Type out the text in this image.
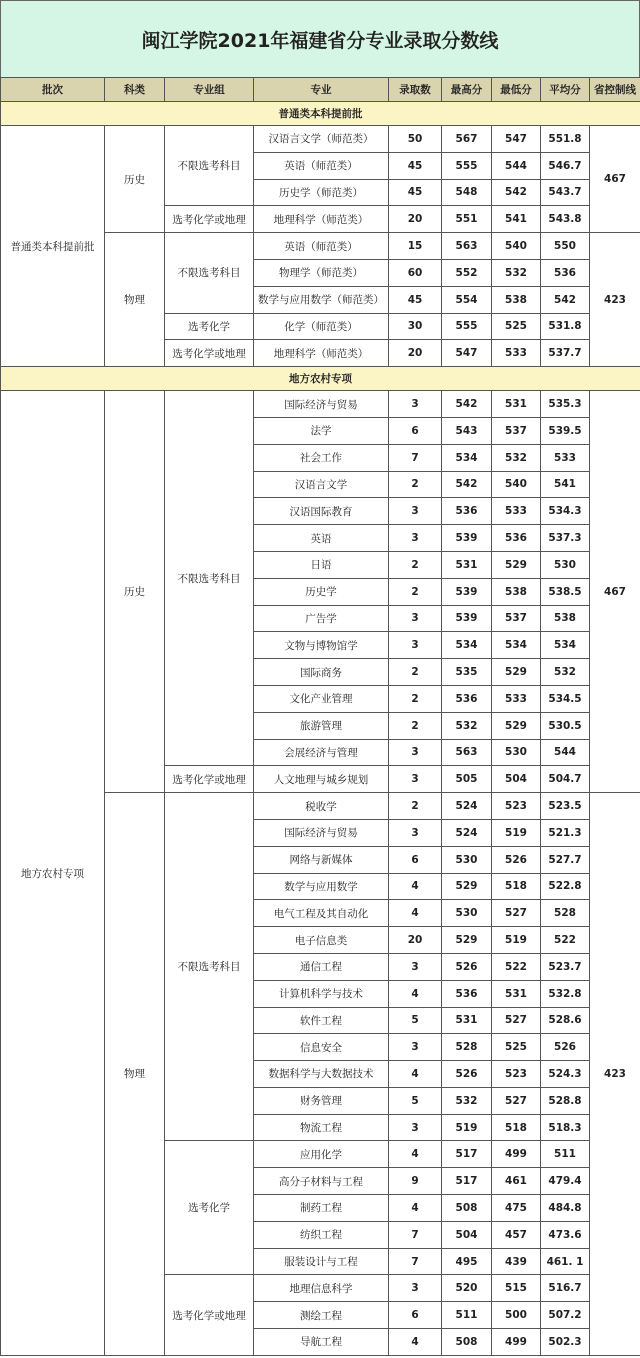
闽江学院2021年福建省分专业录取分数线
批次	科类	专业组	专业	录取数	最高分	最低分	平均分	省控制线
普通类本科提前批								
普通类本科提前批	历史	不限选考科目	汉语言文学（师范类）	50	567	547	551.8	467
			英语（师范类）	45	555	544	546.7	
			历史学（师范类）	45	548	542	543.7	
		选考化学或地理	地理科学（师范类）	20	551	541	543.8	
	物理	不限选考科目	英语（师范类）	15	563	540	550	423
			物理学（师范类）	60	552	532	536	
			数学与应用数学（师范类）	45	554	538	542	
		选考化学	化学（师范类）	30	555	525	531.8	
		选考化学或地理	地理科学（师范类）	20	547	533	537.7	
地方农村专项								
地方农村专项	历史	不限选考科目	国际经济与贸易	3	542	531	535.3	467
			法学	6	543	537	539.5	
			社会工作	7	534	532	533	
			汉语言文学	2	542	540	541	
			汉语国际教育	3	536	533	534.3	
			英语	3	539	536	537.3	
			日语	2	531	529	530	
			历史学	2	539	538	538.5	
			广告学	3	539	537	538	
			文物与博物馆学	3	534	534	534	
			国际商务	2	535	529	532	
			文化产业管理	2	536	533	534.5	
			旅游管理	2	532	529	530.5	
			会展经济与管理	3	563	530	544	
		选考化学或地理	人文地理与城乡规划	3	505	504	504.7	
	物理	不限选考科目	税收学	2	524	523	523.5	423
			国际经济与贸易	3	524	519	521.3	
			网络与新媒体	6	530	526	527.7	
			数学与应用数学	4	529	518	522.8	
			电气工程及其自动化	4	530	527	528	
			电子信息类	20	529	519	522	
			通信工程	3	526	522	523.7	
			计算机科学与技术	4	536	531	532.8	
			软件工程	5	531	527	528.6	
			信息安全	3	528	525	526	
			数据科学与大数据技术	4	526	523	524.3	
			财务管理	5	532	527	528.8	
			物流工程	3	519	518	518.3	
		选考化学	应用化学	4	517	499	511	
			高分子材料与工程	9	517	461	479.4	
			制药工程	4	508	475	484.8	
			纺织工程	7	504	457	473.6	
			服装设计与工程	7	495	439	461. 1	
		选考化学或地理	地理信息科学	3	520	515	516.7	
			测绘工程	6	511	500	507.2	
			导航工程	4	508	499	502.3	
